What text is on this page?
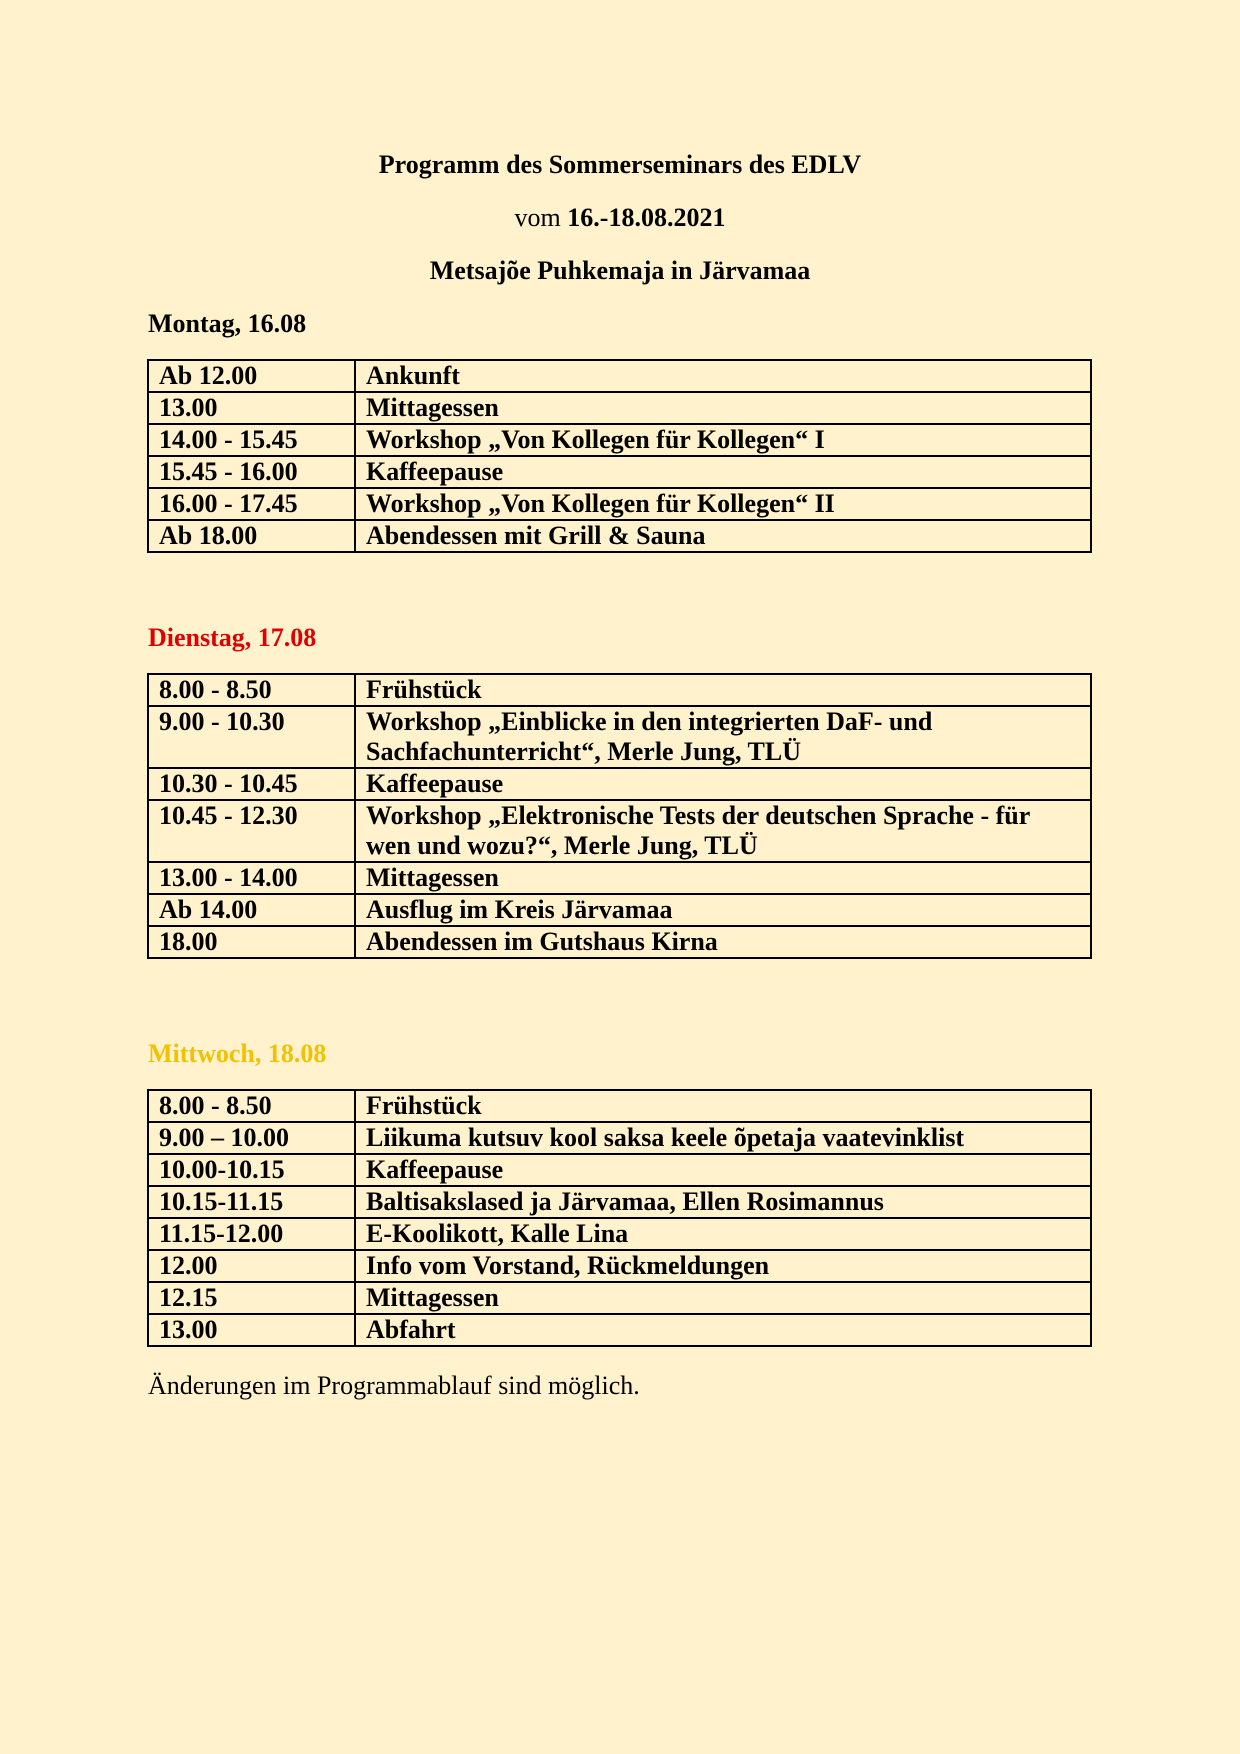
Programm des Sommerseminars des EDLV
vom 16.-18.08.2021
Metsajõe Puhkemaja in Järvamaa
Montag, 16.08
Ab 12.00	Ankunft
13.00	Mittagessen
14.00 - 15.45	Workshop „Von Kollegen für Kollegen“ I
15.45 - 16.00	Kaffeepause
16.00 - 17.45	Workshop „Von Kollegen für Kollegen“ II
Ab 18.00	Abendessen mit Grill & Sauna
Dienstag, 17.08
8.00 - 8.50	Frühstück
9.00 - 10.30	Workshop „Einblicke in den integrierten DaF- und Sachfachunterricht“, Merle Jung, TLÜ
10.30 - 10.45	Kaffeepause
10.45 - 12.30	Workshop „Elektronische Tests der deutschen Sprache - für wen und wozu?“, Merle Jung, TLÜ
13.00 - 14.00	Mittagessen
Ab 14.00	Ausflug im Kreis Järvamaa
18.00	Abendessen im Gutshaus Kirna
Mittwoch, 18.08
8.00 - 8.50	Frühstück
9.00 – 10.00	Liikuma kutsuv kool saksa keele õpetaja vaatevinklist
10.00-10.15	Kaffeepause
10.15-11.15	Baltisakslased ja Järvamaa, Ellen Rosimannus
11.15-12.00	E-Koolikott, Kalle Lina
12.00	Info vom Vorstand, Rückmeldungen
12.15	Mittagessen
13.00	Abfahrt
Änderungen im Programmablauf sind möglich.
